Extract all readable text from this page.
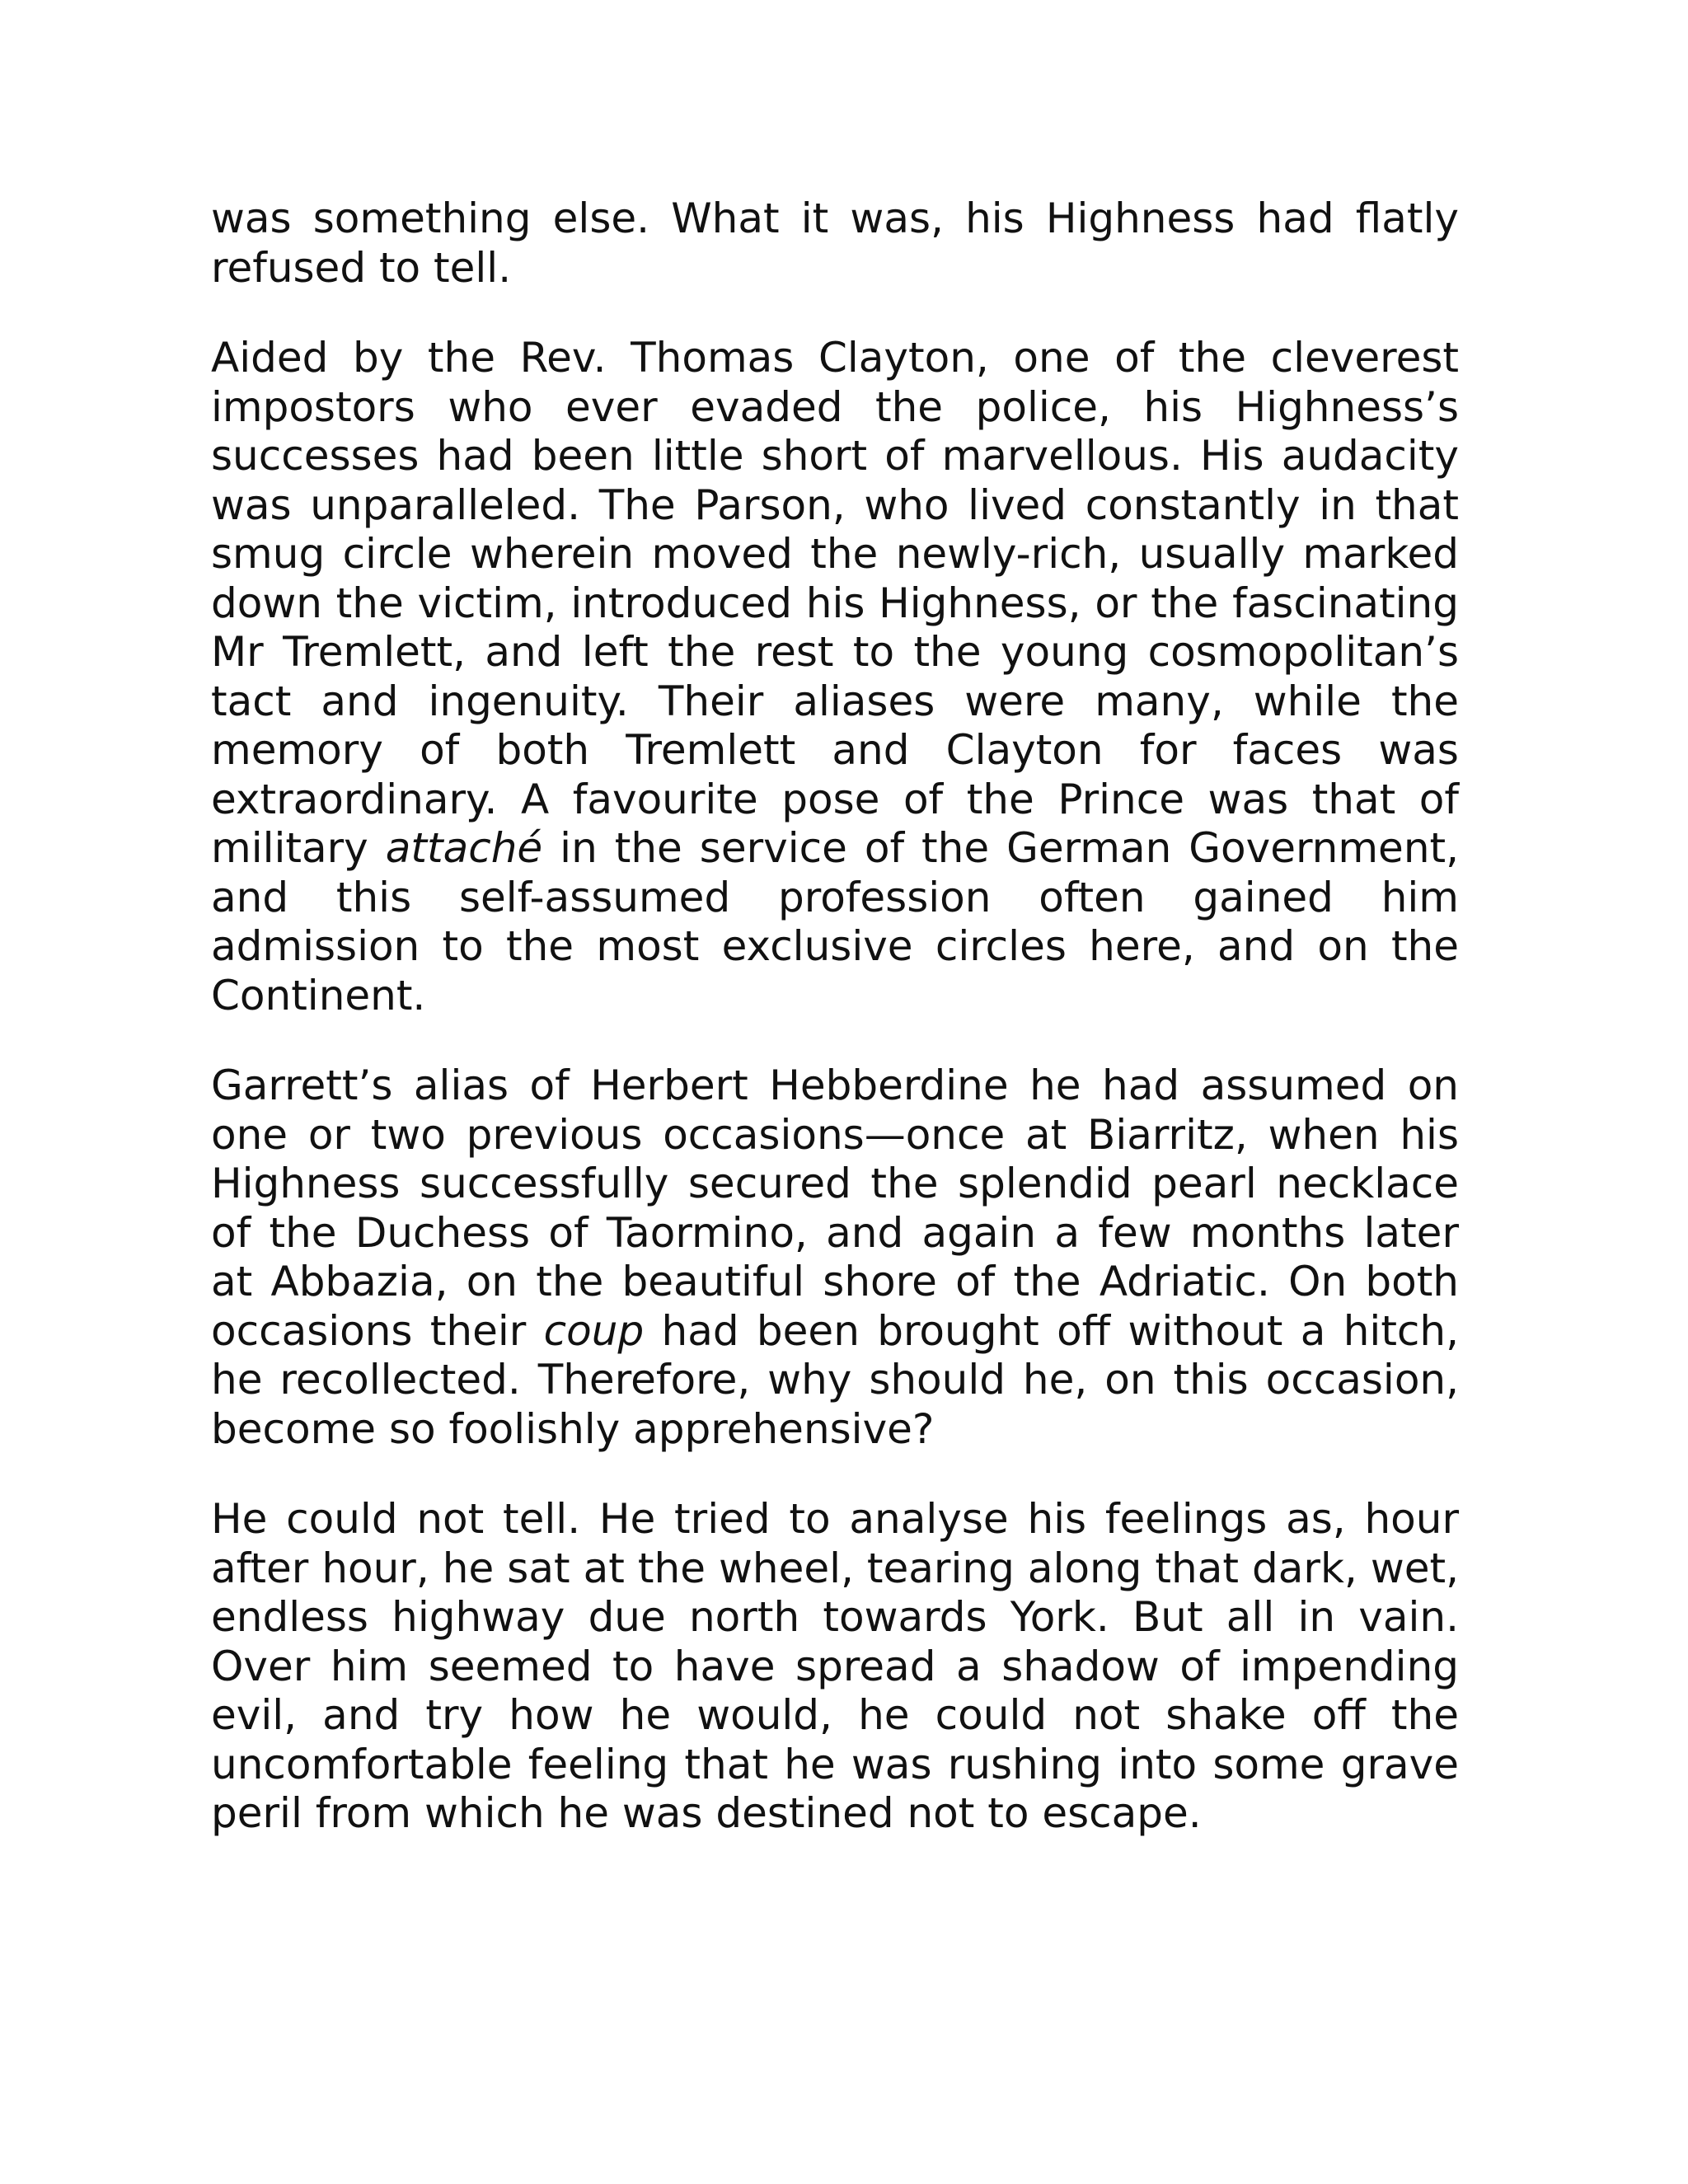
was something else. What it was, his Highness had flatly refused to tell.

Aided by the Rev. Thomas Clayton, one of the cleverest impostors who ever evaded the police, his Highness’s successes had been little short of marvellous. His audacity was unparalleled. The Parson, who lived constantly in that smug circle wherein moved the newly-rich, usually marked down the victim, introduced his Highness, or the fascinating Mr Tremlett, and left the rest to the young cosmopolitan’s tact and ingenuity. Their aliases were many, while the memory of both Tremlett and Clayton for faces was extraordinary. A favourite pose of the Prince was that of military attaché in the service of the German Government, and this self-assumed profession often gained him admission to the most exclusive circles here, and on the Continent.

Garrett’s alias of Herbert Hebberdine he had assumed on one or two previous occasions—once at Biarritz, when his Highness successfully secured the splendid pearl necklace of the Duchess of Taormino, and again a few months later at Abbazia, on the beautiful shore of the Adriatic. On both occasions their coup had been brought off without a hitch, he recollected. Therefore, why should he, on this occasion, become so foolishly apprehensive?

He could not tell. He tried to analyse his feelings as, hour after hour, he sat at the wheel, tearing along that dark, wet, endless highway due north towards York. But all in vain. Over him seemed to have spread a shadow of impending evil, and try how he would, he could not shake off the uncomfortable feeling that he was rushing into some grave peril from which he was destined not to escape.
